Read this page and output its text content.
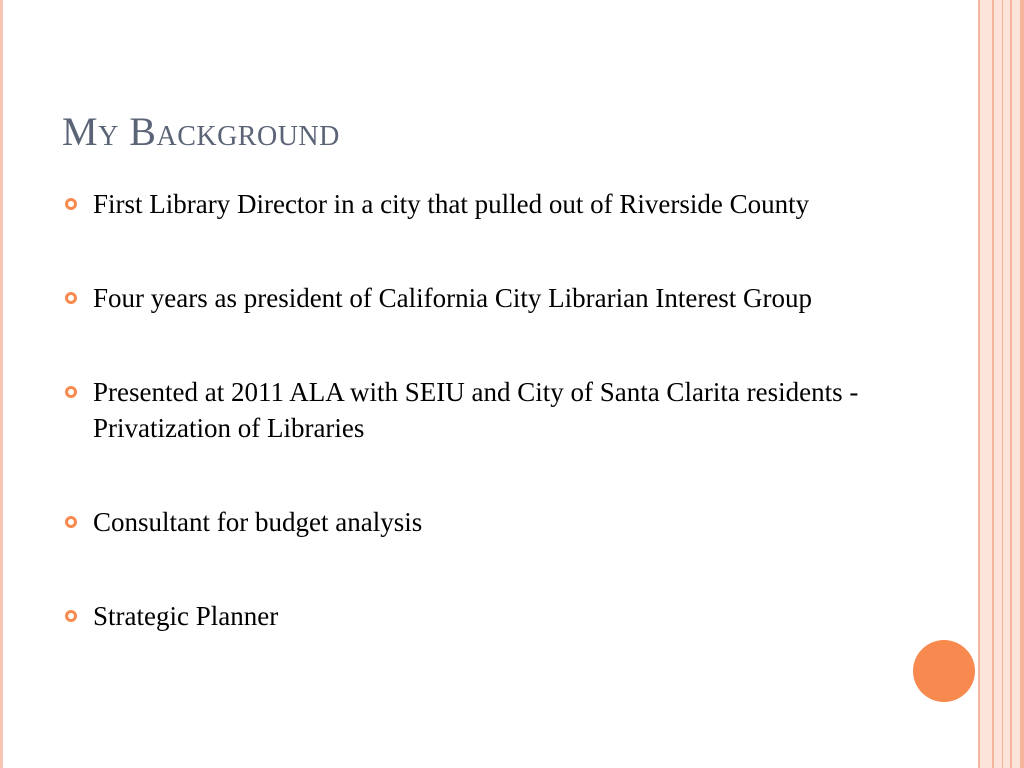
My Background
First Library Director in a city that pulled out of Riverside County
Four years as president of California City Librarian Interest Group
Presented at 2011 ALA with SEIU and City of Santa Clarita residents - Privatization of Libraries
Consultant for budget analysis
Strategic Planner
